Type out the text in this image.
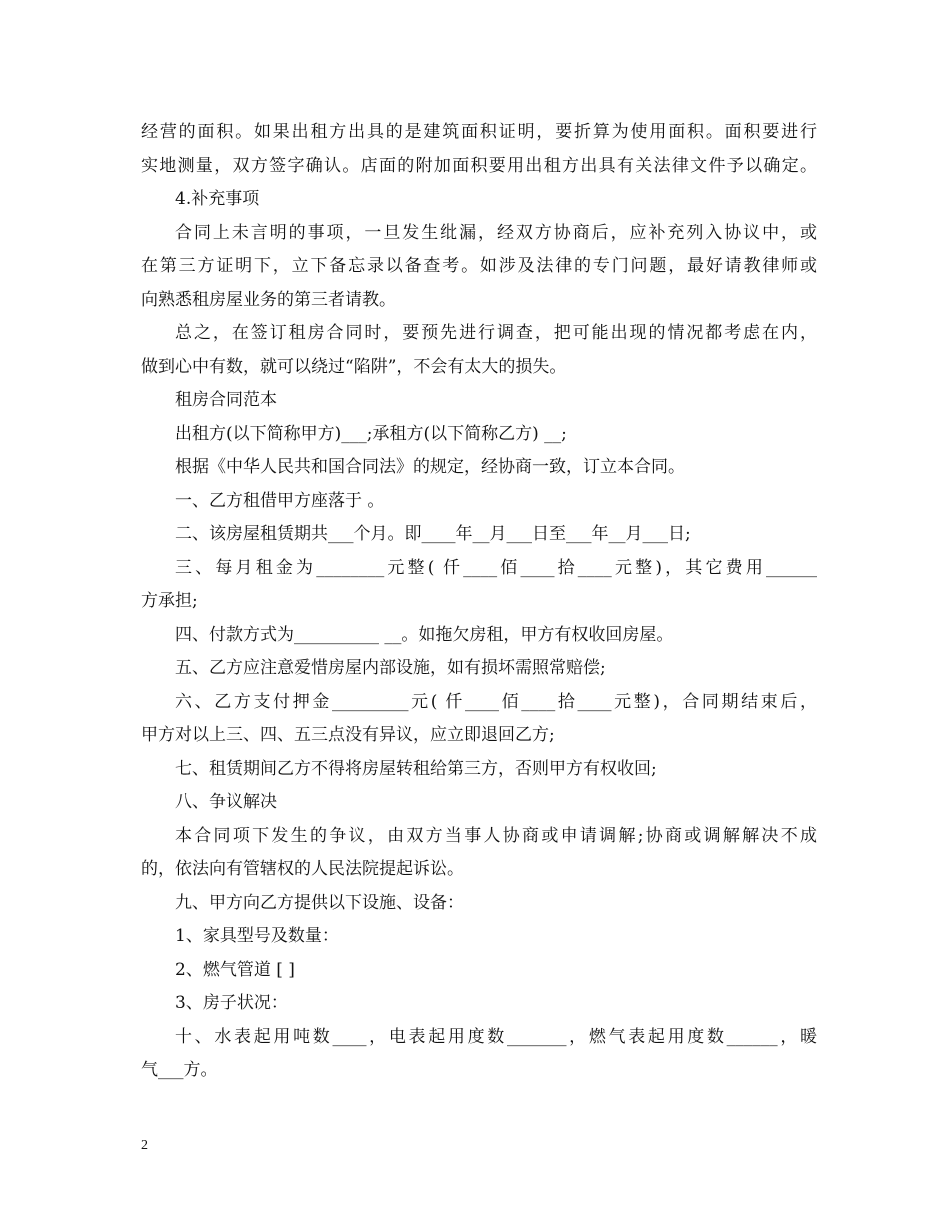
经营的面积。如果出租方出具的是建筑面积证明，要折算为使用面积。面积要进行

实地测量，双方签字确认。店面的附加面积要用出租方出具有关法律文件予以确定。

4.补充事项

合同上未言明的事项，一旦发生纰漏，经双方协商后，应补充列入协议中，或

在第三方证明下，立下备忘录以备查考。如涉及法律的专门问题，最好请教律师或

向熟悉租房屋业务的第三者请教。

总之，在签订租房合同时，要预先进行调查，把可能出现的情况都考虑在内，

做到心中有数，就可以绕过“陷阱”，不会有太大的损失。

租房合同范本

出租方(以下简称甲方)___;承租方(以下简称乙方) __;

根据《中华人民共和国合同法》的规定，经协商一致，订立本合同。

一、乙方租借甲方座落于 。

二、该房屋租赁期共___个月。即____年__月___日至___年__月___日;

三、每月租金为________元整( 仟____佰____拾____元整)，其它费用______

方承担;

四、付款方式为__________ __。如拖欠房租，甲方有权收回房屋。

五、乙方应注意爱惜房屋内部设施，如有损坏需照常赔偿;

六、乙方支付押金_________元( 仟____佰____拾____元整)，合同期结束后，

甲方对以上三、四、五三点没有异议，应立即退回乙方;

七、租赁期间乙方不得将房屋转租给第三方，否则甲方有权收回;

八、争议解决

本合同项下发生的争议，由双方当事人协商或申请调解;协商或调解解决不成

的，依法向有管辖权的人民法院提起诉讼。

九、甲方向乙方提供以下设施、设备：

1、家具型号及数量：

2、燃气管道 [ ]

3、房子状况：

十、水表起用吨数____，电表起用度数_______，燃气表起用度数______，暖

气___方。

2
